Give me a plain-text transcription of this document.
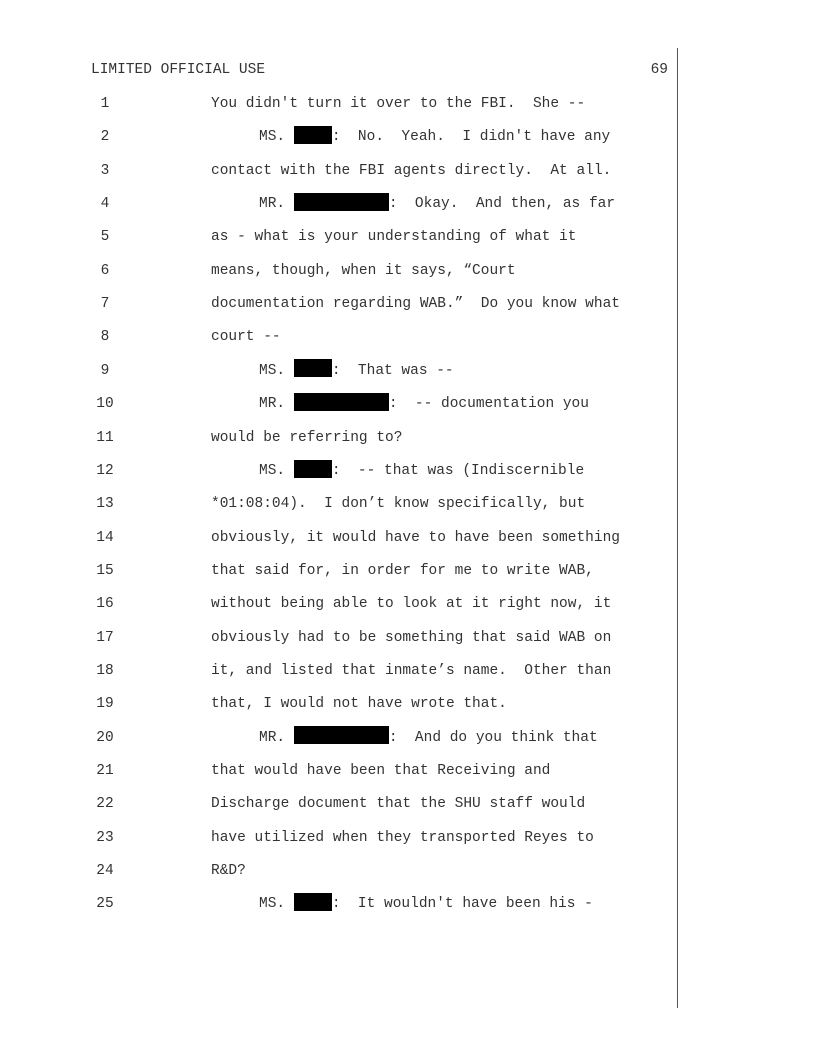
LIMITED OFFICIAL USE	69
1	You didn't turn it over to the FBI.  She --
2	MS.	:  No.  Yeah.  I didn't have any
3	contact with the FBI agents directly.  At all.
4	MR.	:  Okay.  And then, as far
5	as - what is your understanding of what it
6	means, though, when it says, “Court
7	documentation regarding WAB.”  Do you know what
8	court --
9	MS.	:  That was --
10	MR.	:  -- documentation you
11	would be referring to?
12	MS.	:  -- that was (Indiscernible
13	*01:08:04).  I don’t know specifically, but
14	obviously, it would have to have been something
15	that said for, in order for me to write WAB,
16	without being able to look at it right now, it
17	obviously had to be something that said WAB on
18	it, and listed that inmate’s name.  Other than
19	that, I would not have wrote that.
20	MR.	:  And do you think that
21	that would have been that Receiving and
22	Discharge document that the SHU staff would
23	have utilized when they transported Reyes to
24	R&D?
25	MS.	:  It wouldn't have been his -
